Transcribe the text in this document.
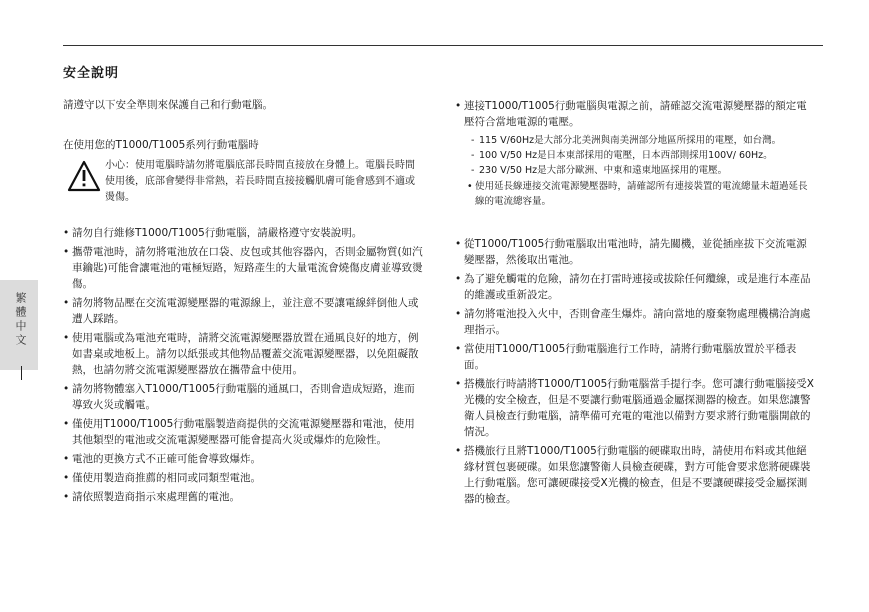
安全說明
請遵守以下安全準則來保護自己和行動電腦。
在使用您的T1000/T1005系列行動電腦時
小心：使用電腦時請勿將電腦底部長時間直接放在身體上。電腦長時間使用後，底部會變得非常熱，若長時間直接接觸肌膚可能會感到不適或燙傷。
• 請勿自行維修T1000/T1005行動電腦，請嚴格遵守安裝說明。
• 攜帶電池時，請勿將電池放在口袋、皮包或其他容器內，否則金屬物質(如汽車鑰匙)可能會讓電池的電極短路，短路產生的大量電流會燒傷皮膚並導致燙傷。
• 請勿將物品壓在交流電源變壓器的電源線上，並注意不要讓電線絆倒他人或遭人踩踏。
• 使用電腦或為電池充電時，請將交流電源變壓器放置在通風良好的地方，例如書桌或地板上。請勿以紙張或其他物品覆蓋交流電源變壓器，以免阻礙散熱，也請勿將交流電源變壓器放在攜帶盒中使用。
• 請勿將物體塞入T1000/T1005行動電腦的通風口，否則會造成短路，進而導致火災或觸電。
• 僅使用T1000/T1005行動電腦製造商提供的交流電源變壓器和電池，使用其他類型的電池或交流電源變壓器可能會提高火災或爆炸的危險性。
• 電池的更換方式不正確可能會導致爆炸。
• 僅使用製造商推薦的相同或同類型電池。
• 請依照製造商指示來處理舊的電池。
• 連接T1000/T1005行動電腦與電源之前，請確認交流電源變壓器的額定電壓符合當地電源的電壓。
- 115 V/60Hz是大部分北美洲與南美洲部分地區所採用的電壓，如台灣。
- 100 V/50 Hz是日本東部採用的電壓，日本西部則採用100V/ 60Hz。
- 230 V/50 Hz是大部分歐洲、中東和遠東地區採用的電壓。
• 使用延長線連接交流電源變壓器時，請確認所有連接裝置的電流總量未超過延長線的電流總容量。
• 從T1000/T1005行動電腦取出電池時，請先關機，並從插座拔下交流電源變壓器，然後取出電池。
• 為了避免觸電的危險，請勿在打雷時連接或拔除任何纜線，或是進行本產品的維護或重新設定。
• 請勿將電池投入火中，否則會產生爆炸。請向當地的廢棄物處理機構洽詢處理指示。
• 當使用T1000/T1005行動電腦進行工作時，請將行動電腦放置於平穩表面。
• 搭機旅行時請將T1000/T1005行動電腦當手提行李。您可讓行動電腦接受X光機的安全檢查，但是不要讓行動電腦通過金屬探測器的檢查。如果您讓警衛人員檢查行動電腦，請準備可充電的電池以備對方要求將行動電腦開啟的情況。
• 搭機旅行且將T1000/T1005行動電腦的硬碟取出時，請使用布料或其他絕緣材質包裹硬碟。如果您讓警衛人員檢查硬碟，對方可能會要求您將硬碟裝上行動電腦。您可讓硬碟接受X光機的檢查，但是不要讓硬碟接受金屬探測器的檢查。
繁體中文
